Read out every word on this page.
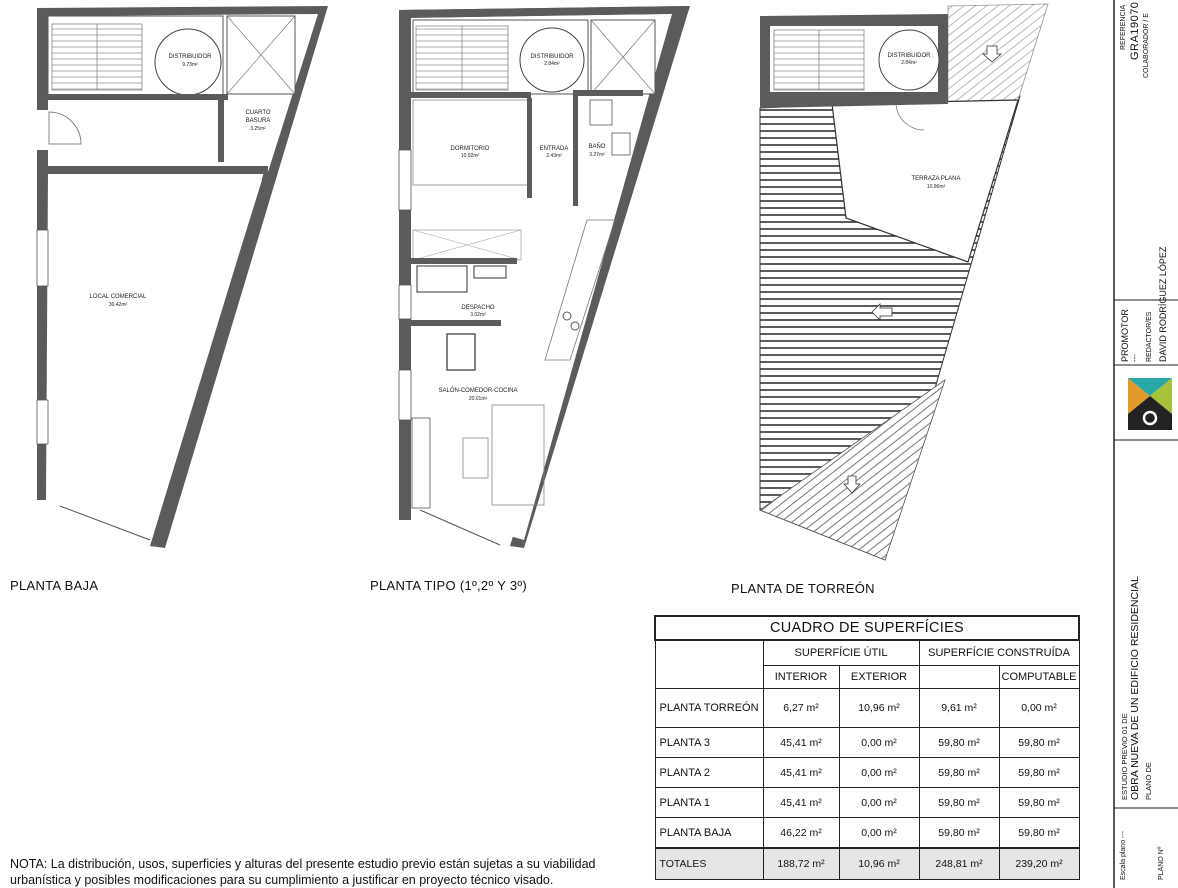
DISTRIBUIDOR
9.73m²
CUARTO
BASURA
3.25m²
LOCAL COMERCIAL
30.42m²
DISTRIBUIDOR
2.84m²
DORMITORIO
10.02m²
ENTRADA
2.43m²
BAÑO
3.27m²
DESPACHO
3.02m²
SALÓN-COMEDOR-COCINA
20.01m²
DISTRIBUIDOR
2.84m²
TERRAZA PLANA
10.96m²
PLANTA BAJA	PLANTA TIPO (1º,2º Y 3º)	PLANTA DE TORREÓN
CUADRO DE SUPERFÍCIES				
	SUPERFÍCIE ÚTIL		SUPERFÍCIE CONSTRUÍDA	
	INTERIOR	EXTERIOR		COMPUTABLE
PLANTA TORREÓN	6,27 m²	10,96 m²	9,61 m²	0,00 m²
PLANTA 3	45,41 m²	0,00 m²	59,80 m²	59,80 m²
PLANTA 2	45,41 m²	0,00 m²	59,80 m²	59,80 m²
PLANTA 1	45,41 m²	0,00 m²	59,80 m²	59,80 m²
PLANTA BAJA	46,22 m²	0,00 m²	59,80 m²	59,80 m²
TOTALES	188,72 m²	10,96 m²	248,81 m²	239,20 m²
NOTA: La distribución, usos, superficies y alturas del presente estudio previo están sujetas a su viabilidad urbanística y posibles modificaciones para su cumplimiento a justificar en proyecto técnico visado.
REFERENCIA GRA19070 COLABORADOR / E
PROMOTOR --- REDACTOR/ES DAVID RODRÍGUEZ LÓPEZ
ESTUDIO PREVIO 01 DE OBRA NUEVA DE UN EDIFICIO RESIDENCIAL PLANO DE
Escala plano ---	PLANO Nº
